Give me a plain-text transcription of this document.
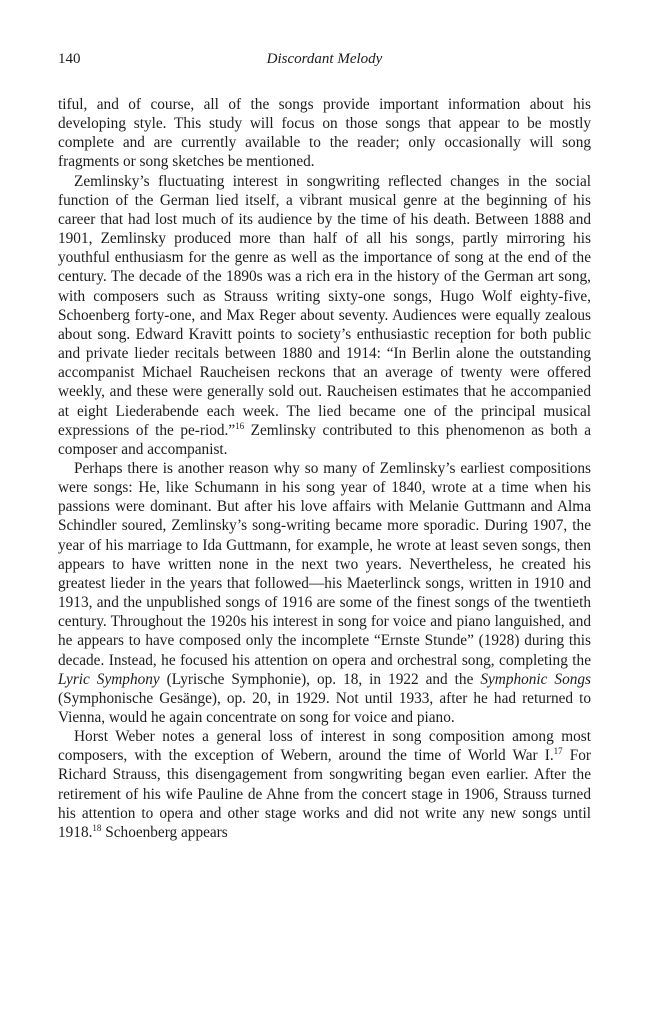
140	Discordant Melody

tiful, and of course, all of the songs provide important information about his developing style. This study will focus on those songs that appear to be mostly complete and are currently available to the reader; only occasionally will song fragments or song sketches be mentioned.

Zemlinsky’s fluctuating interest in songwriting reflected changes in the social function of the German lied itself, a vibrant musical genre at the beginning of his career that had lost much of its audience by the time of his death. Between 1888 and 1901, Zemlinsky produced more than half of all his songs, partly mirroring his youthful enthusiasm for the genre as well as the importance of song at the end of the century. The decade of the 1890s was a rich era in the history of the German art song, with composers such as Strauss writing sixty-one songs, Hugo Wolf eighty-five, Schoenberg forty-one, and Max Reger about seventy. Audiences were equally zealous about song. Edward Kravitt points to society’s enthusiastic reception for both public and private lieder recitals between 1880 and 1914: “In Berlin alone the outstanding accompanist Michael Raucheisen reckons that an average of twenty were offered weekly, and these were generally sold out. Raucheisen estimates that he accompanied at eight Liederabende each week. The lied became one of the principal musical expressions of the pe-riod.”$^{16}$ Zemlinsky contributed to this phenomenon as both a composer and accompanist.

Perhaps there is another reason why so many of Zemlinsky’s earliest compositions were songs: He, like Schumann in his song year of 1840, wrote at a time when his passions were dominant. But after his love affairs with Melanie Guttmann and Alma Schindler soured, Zemlinsky’s song-writing became more sporadic. During 1907, the year of his marriage to Ida Guttmann, for example, he wrote at least seven songs, then appears to have written none in the next two years. Nevertheless, he created his greatest lieder in the years that followed—his Maeterlinck songs, written in 1910 and 1913, and the unpublished songs of 1916 are some of the finest songs of the twentieth century. Throughout the 1920s his interest in song for voice and piano languished, and he appears to have composed only the incomplete “Ernste Stunde” (1928) during this decade. Instead, he focused his attention on opera and orchestral song, completing the Lyric Symphony (Lyrische Symphonie), op. 18, in 1922 and the Symphonic Songs (Symphonische Gesänge), op. 20, in 1929. Not until 1933, after he had returned to Vienna, would he again concentrate on song for voice and piano.

Horst Weber notes a general loss of interest in song composition among most composers, with the exception of Webern, around the time of World War I.$^{17}$ For Richard Strauss, this disengagement from songwriting began even earlier. After the retirement of his wife Pauline de Ahne from the concert stage in 1906, Strauss turned his attention to opera and other stage works and did not write any new songs until 1918.18 Schoenberg appears
